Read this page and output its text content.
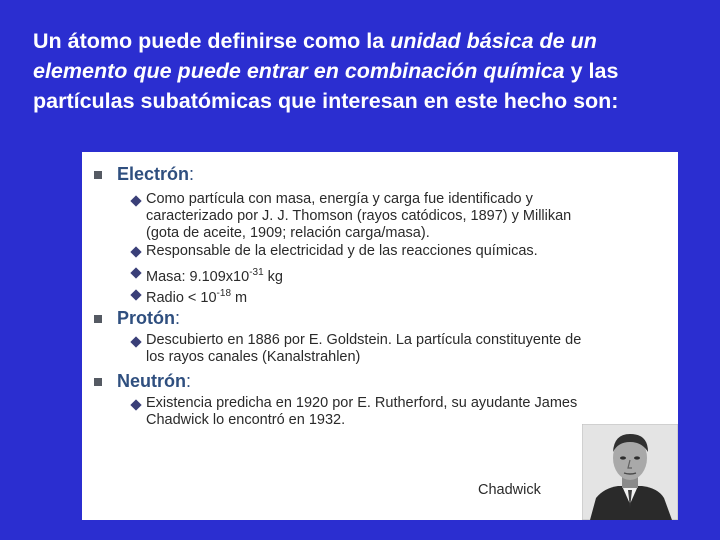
Un átomo puede definirse como la unidad básica de un elemento que puede entrar en combinación química y las partículas subatómicas que interesan en este hecho son:

Electrón :
Como partícula con masa, energía y carga fue identificado y
caracterizado por J. J. Thomson (rayos catódicos, 1897) y Millikan
(gota de aceite, 1909; relación carga/masa).
Responsable de la electricidad y de las reacciones químicas.
Masa: $9.109x10^{-31}$ kg
Radio < $10^{-18}$ m
Protón :
Descubierto en 1886 por E. Goldstein. La partícula constituyente de
los rayos canales (Kanalstrahlen)
Neutrón :
Existencia predicha en 1920 por E. Rutherford, su ayudante James
Chadwick lo encontró en 1932.
Chadwick
